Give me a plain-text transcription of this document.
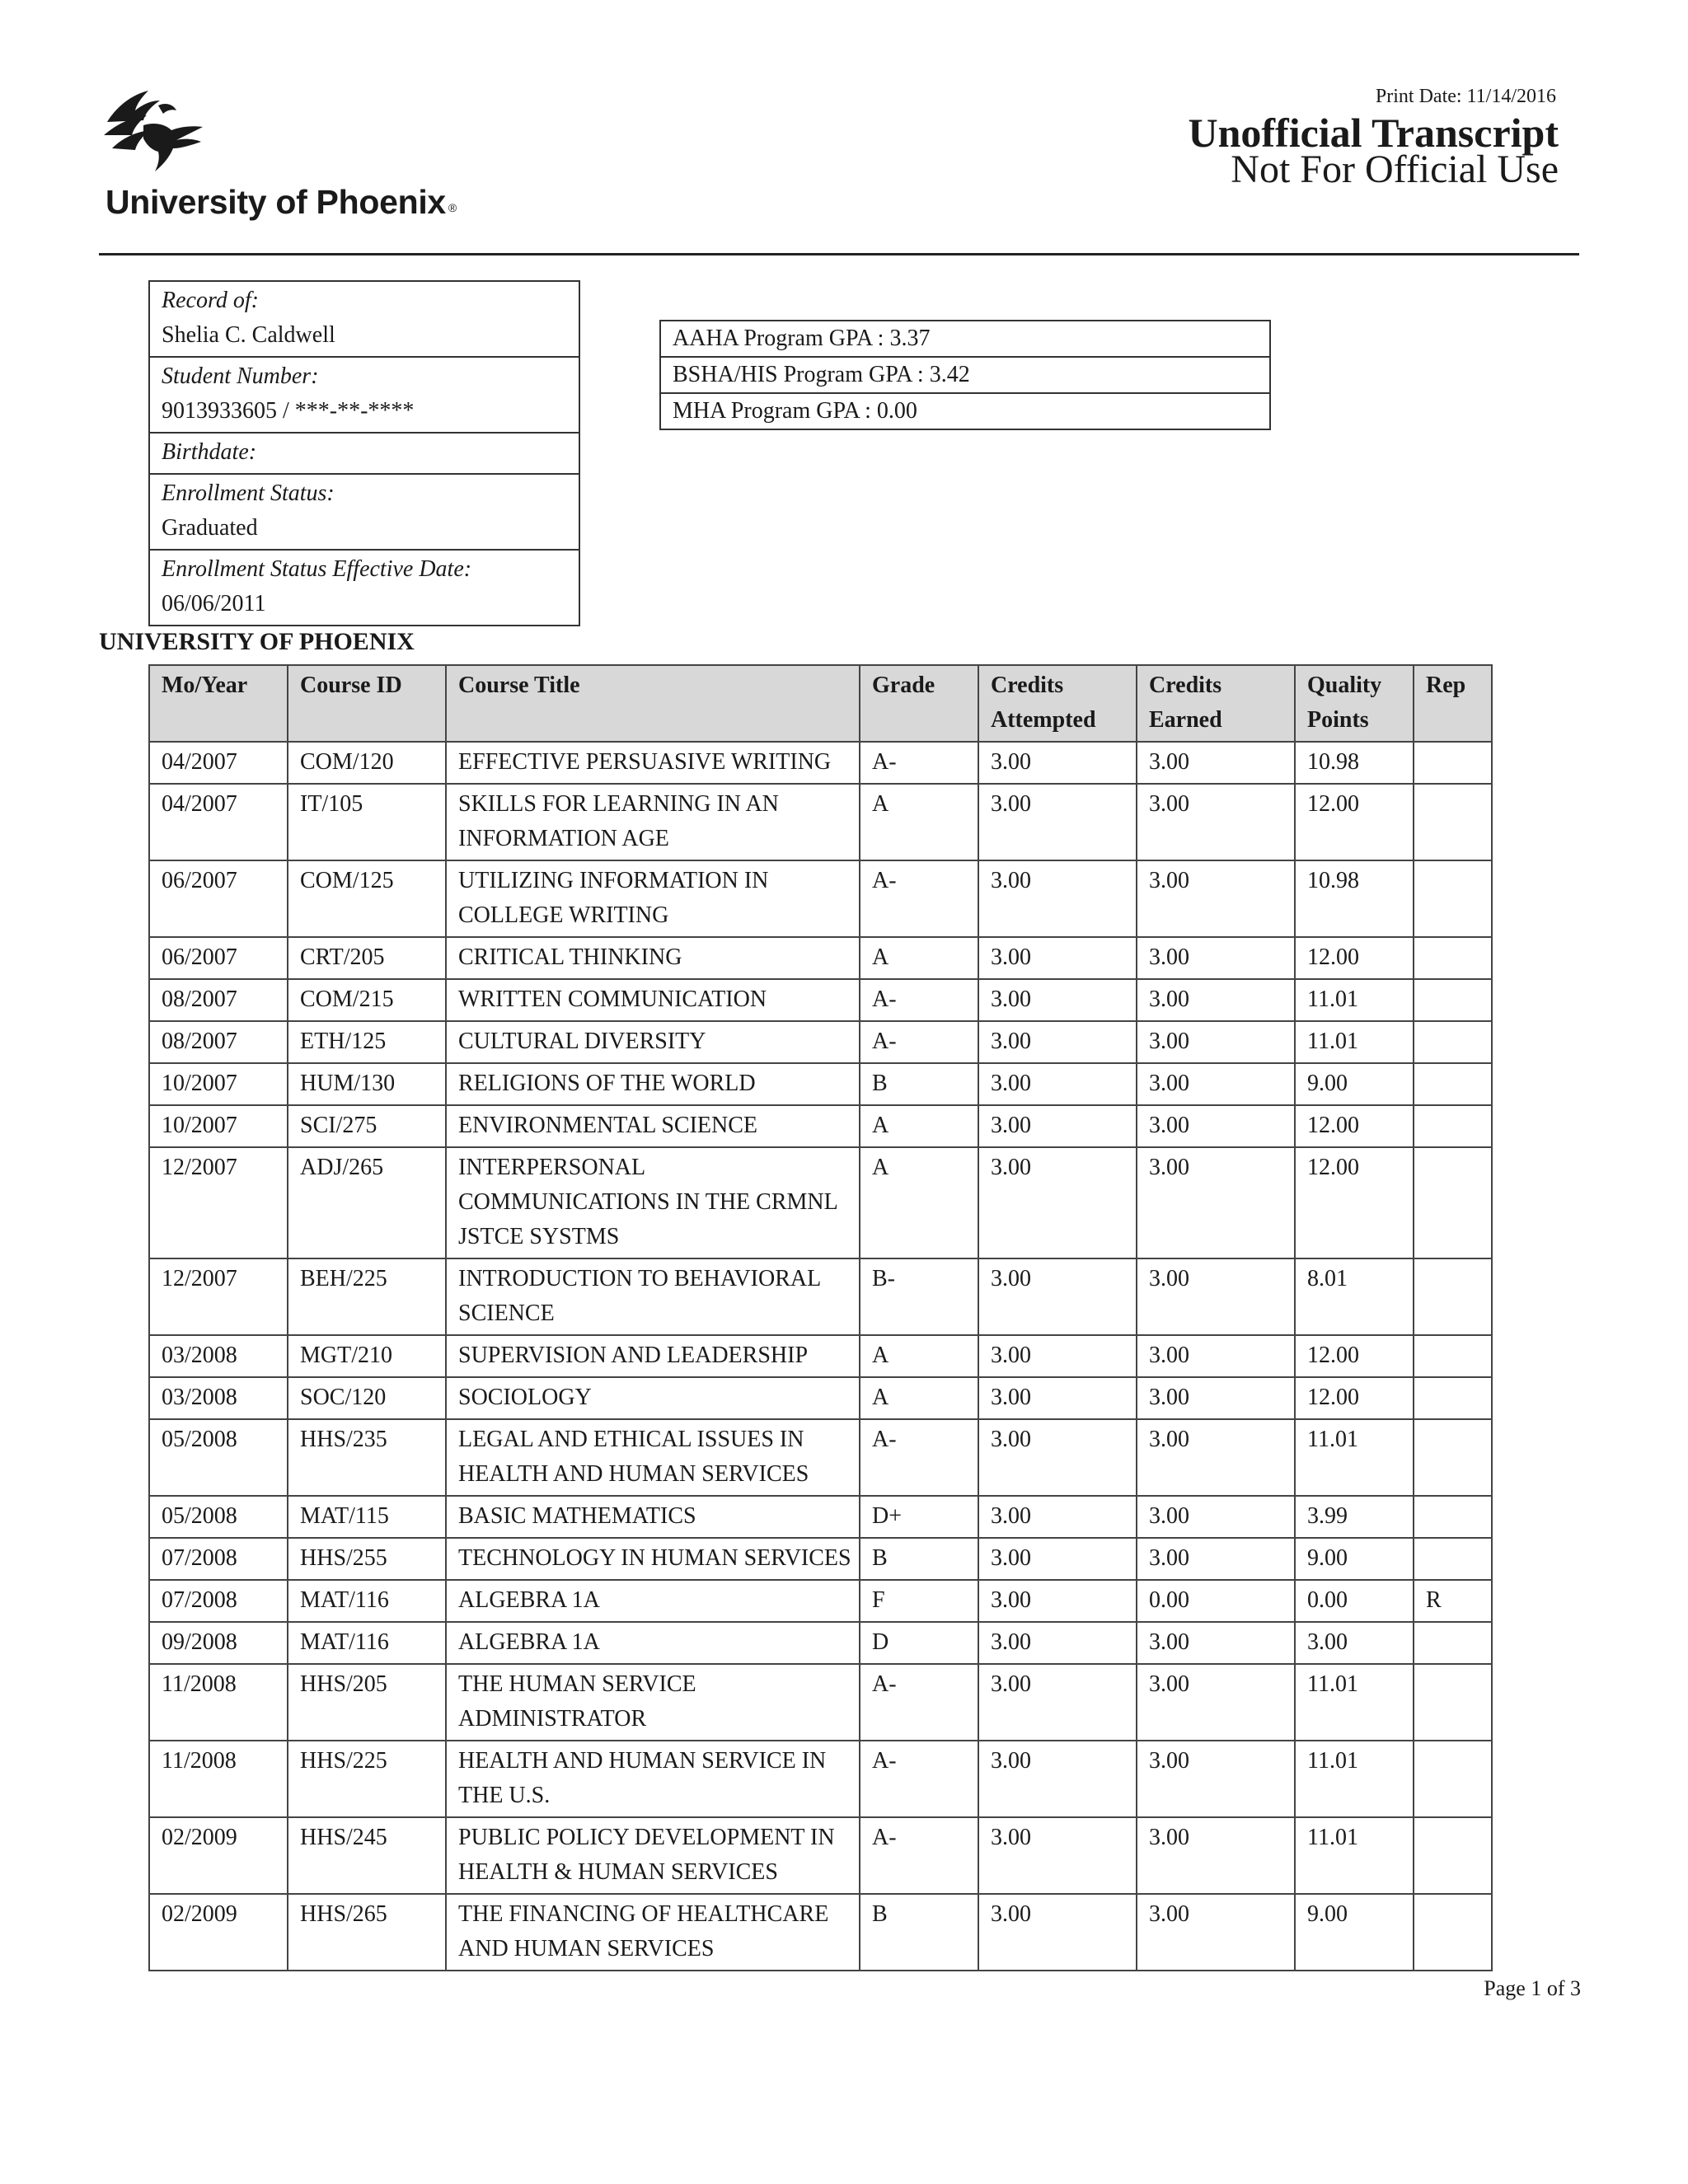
University of Phoenix ®
Print Date: 11/14/2016
Unofficial Transcript
Not For Official Use
Record of:
Shelia C. Caldwell
Student Number:
9013933605 / ***-**-****
Birthdate:
Enrollment Status:
Graduated
Enrollment Status Effective Date:
06/06/2011
AAHA Program GPA : 3.37
BSHA/HIS Program GPA : 3.42
MHA Program GPA : 0.00
UNIVERSITY OF PHOENIX
Mo/Year	Course ID	Course Title	Grade	Credits Attempted	Credits Earned	Quality Points	Rep
04/2007	COM/120	EFFECTIVE PERSUASIVE WRITING	A-	3.00	3.00	10.98	
04/2007	IT/105	SKILLS FOR LEARNING IN AN INFORMATION AGE	A	3.00	3.00	12.00	
06/2007	COM/125	UTILIZING INFORMATION IN COLLEGE WRITING	A-	3.00	3.00	10.98	
06/2007	CRT/205	CRITICAL THINKING	A	3.00	3.00	12.00	
08/2007	COM/215	WRITTEN COMMUNICATION	A-	3.00	3.00	11.01	
08/2007	ETH/125	CULTURAL DIVERSITY	A-	3.00	3.00	11.01	
10/2007	HUM/130	RELIGIONS OF THE WORLD	B	3.00	3.00	9.00	
10/2007	SCI/275	ENVIRONMENTAL SCIENCE	A	3.00	3.00	12.00	
12/2007	ADJ/265	INTERPERSONAL COMMUNICATIONS IN THE CRMNL JSTCE SYSTMS	A	3.00	3.00	12.00	
12/2007	BEH/225	INTRODUCTION TO BEHAVIORAL SCIENCE	B-	3.00	3.00	8.01	
03/2008	MGT/210	SUPERVISION AND LEADERSHIP	A	3.00	3.00	12.00	
03/2008	SOC/120	SOCIOLOGY	A	3.00	3.00	12.00	
05/2008	HHS/235	LEGAL AND ETHICAL ISSUES IN HEALTH AND HUMAN SERVICES	A-	3.00	3.00	11.01	
05/2008	MAT/115	BASIC MATHEMATICS	D+	3.00	3.00	3.99	
07/2008	HHS/255	TECHNOLOGY IN HUMAN SERVICES	B	3.00	3.00	9.00	
07/2008	MAT/116	ALGEBRA 1A	F	3.00	0.00	0.00	R
09/2008	MAT/116	ALGEBRA 1A	D	3.00	3.00	3.00	
11/2008	HHS/205	THE HUMAN SERVICE ADMINISTRATOR	A-	3.00	3.00	11.01	
11/2008	HHS/225	HEALTH AND HUMAN SERVICE IN THE U.S.	A-	3.00	3.00	11.01	
02/2009	HHS/245	PUBLIC POLICY DEVELOPMENT IN HEALTH & HUMAN SERVICES	A-	3.00	3.00	11.01	
02/2009	HHS/265	THE FINANCING OF HEALTHCARE AND HUMAN SERVICES	B	3.00	3.00	9.00	
Page 1 of 3
